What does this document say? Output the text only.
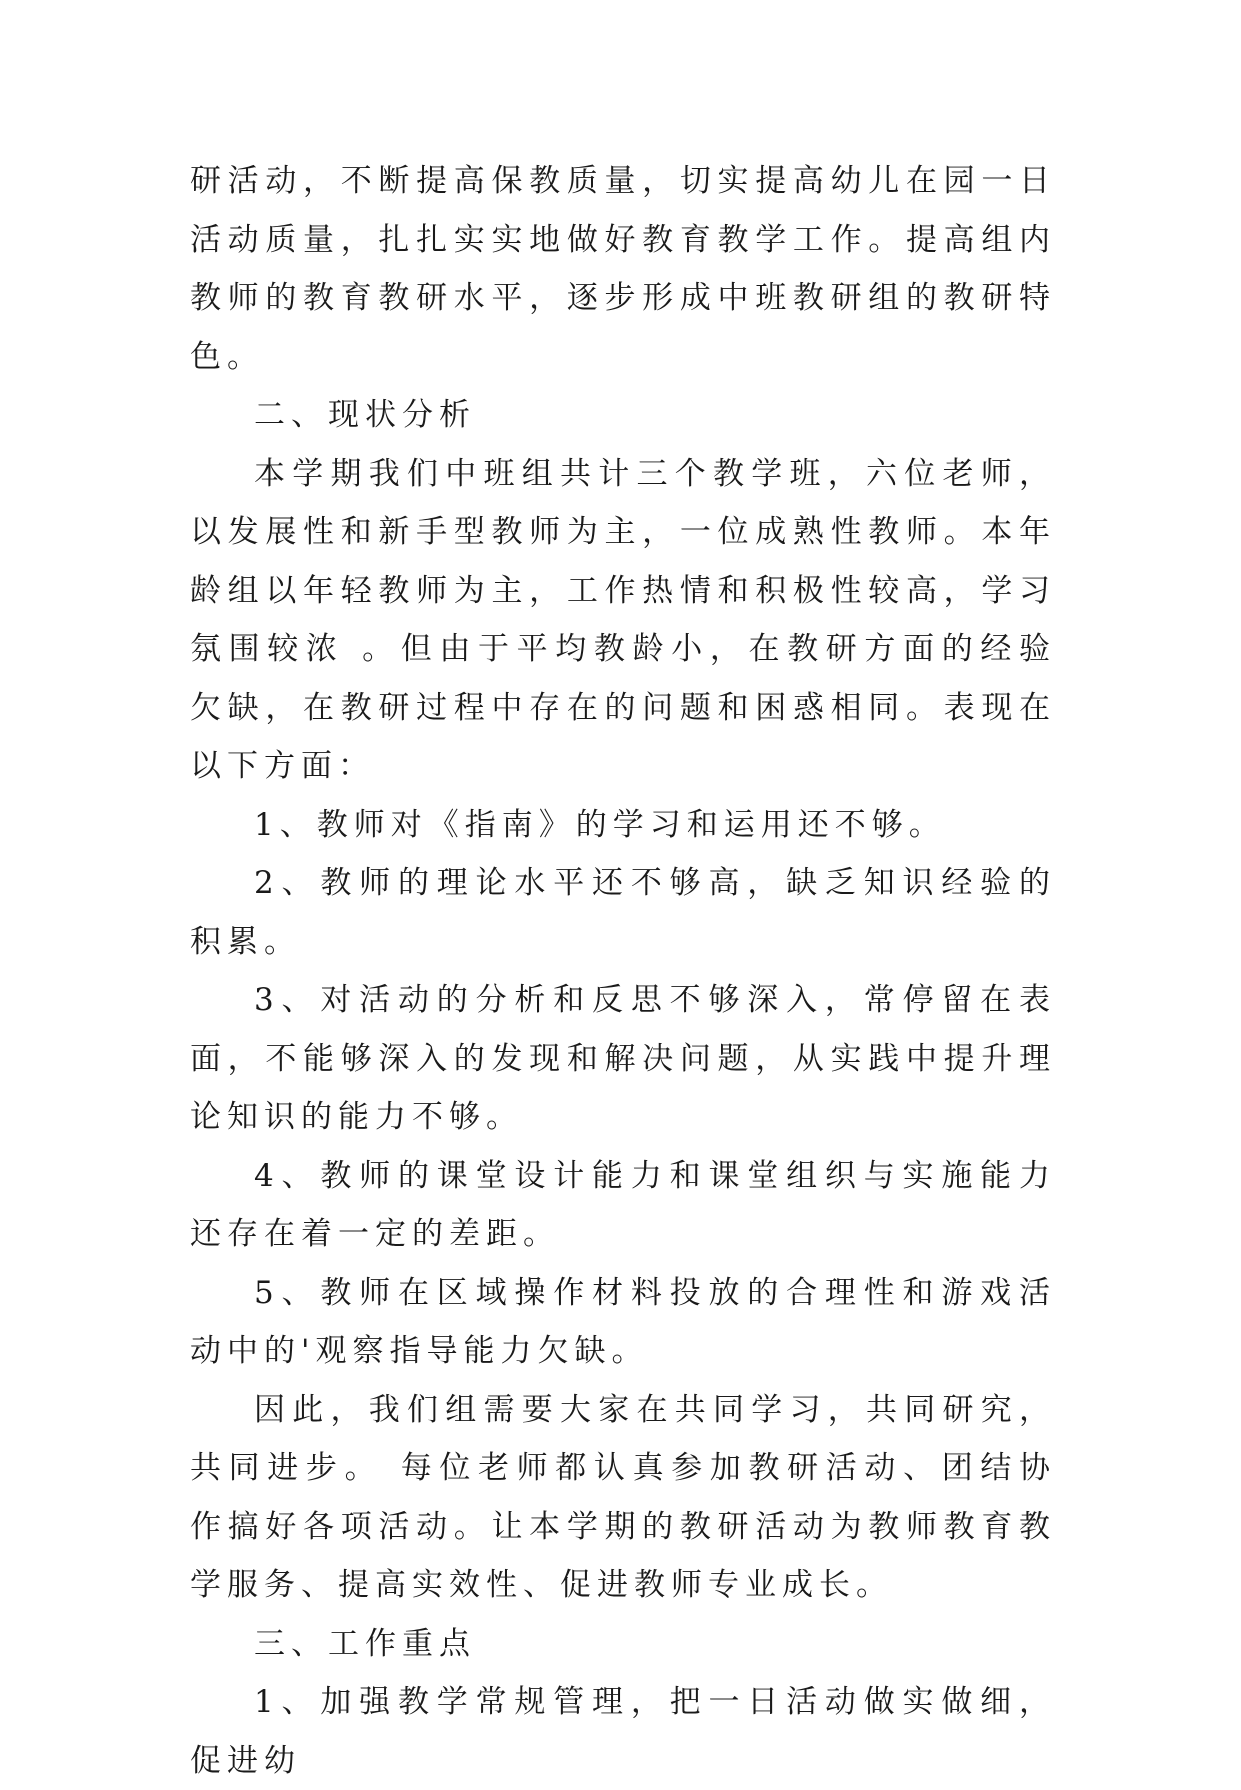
研活动，不断提高保教质量，切实提高幼儿在园一日活动质量，扎扎实实地做好教育教学工作。提高组内教师的教育教研水平，逐步形成中班教研组的教研特色。

二、现状分析

本学期我们中班组共计三个教学班，六位老师，以发展性和新手型教师为主，一位成熟性教师。本年龄组以年轻教师为主，工作热情和积极性较高，学习氛围较浓 。但由于平均教龄小，在教研方面的经验欠缺，在教研过程中存在的问题和困惑相同。表现在以下方面：

1、教师对《指南》的学习和运用还不够。

2、教师的理论水平还不够高，缺乏知识经验的积累。

3、对活动的分析和反思不够深入，常停留在表面，不能够深入的发现和解决问题，从实践中提升理论知识的能力不够。

4、教师的课堂设计能力和课堂组织与实施能力还存在着一定的差距。

5、教师在区域操作材料投放的合理性和游戏活动中的'观察指导能力欠缺。

因此，我们组需要大家在共同学习，共同研究，共同进步。 每位老师都认真参加教研活动、团结协作搞好各项活动。让本学期的教研活动为教师教育教学服务、提高实效性、促进教师专业成长。

三、工作重点

1、加强教学常规管理，把一日活动做实做细，促进幼
